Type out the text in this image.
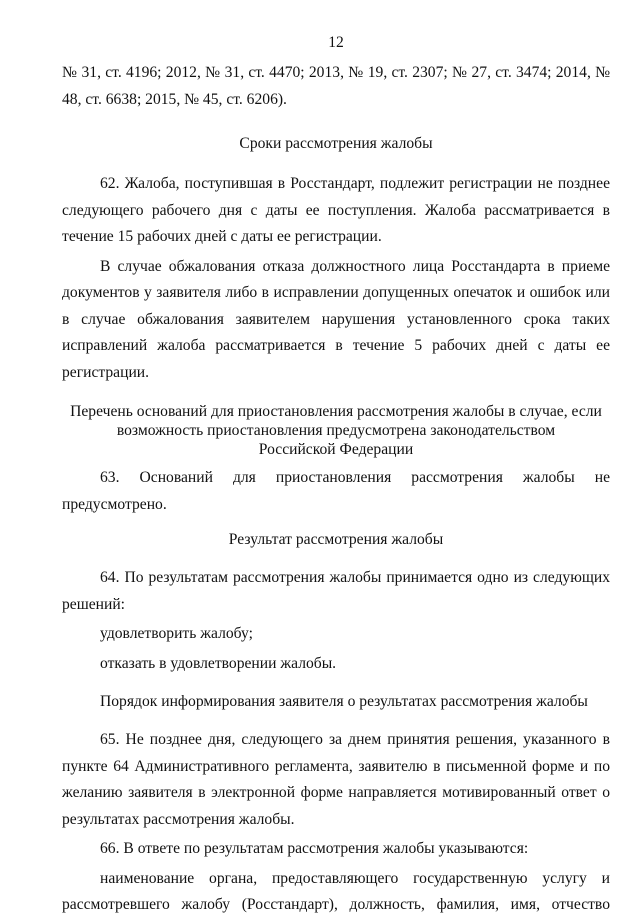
12

№ 31, ст. 4196; 2012, № 31, ст. 4470; 2013, № 19, ст. 2307; № 27, ст. 3474; 2014, № 48, ст. 6638; 2015, № 45, ст. 6206).

Сроки рассмотрения жалобы

62. Жалоба, поступившая в Росстандарт, подлежит регистрации не позднее следующего рабочего дня с даты ее поступления. Жалоба рассматривается в течение 15 рабочих дней с даты ее регистрации.

В случае обжалования отказа должностного лица Росстандарта в приеме документов у заявителя либо в исправлении допущенных опечаток и ошибок или в случае обжалования заявителем нарушения установленного срока таких исправлений жалоба рассматривается в течение 5 рабочих дней с даты ее регистрации.

Перечень оснований для приостановления рассмотрения жалобы в случае, если
возможность приостановления предусмотрена законодательством
Российской Федерации

63. Оснований для приостановления рассмотрения жалобы не предусмотрено.

Результат рассмотрения жалобы

64. По результатам рассмотрения жалобы принимается одно из следующих решений:

удовлетворить жалобу;
отказать в удовлетворении жалобы.
Порядок информирования заявителя о результатах рассмотрения жалобы

65. Не позднее дня, следующего за днем принятия решения, указанного в пункте 64 Административного регламента, заявителю в письменной форме и по желанию заявителя в электронной форме направляется мотивированный ответ о результатах рассмотрения жалобы.

66. В ответе по результатам рассмотрения жалобы указываются:

наименование органа, предоставляющего государственную услугу и рассмотревшего жалобу (Росстандарт), должность, фамилия, имя, отчество
